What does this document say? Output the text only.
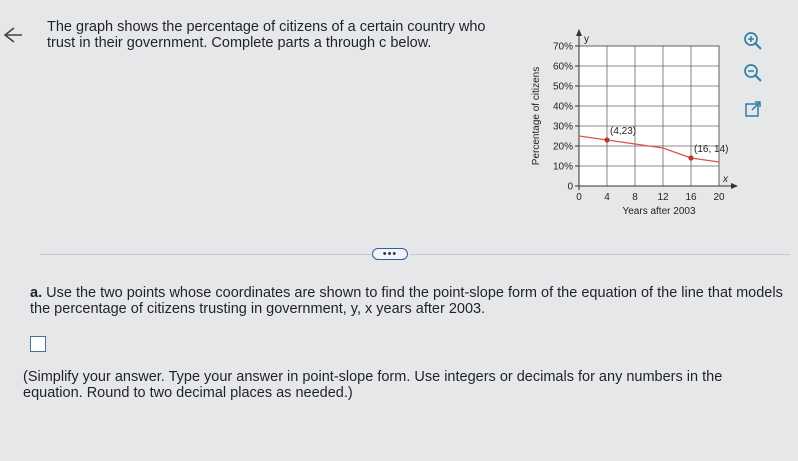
The graph shows the percentage of citizens of a certain country who trust in their government. Complete parts a through c below.	y
x
0
10%
20%
30%
40%
50%
60%
70%
0 4 8 12 16 20
Years after 2003
Percentage of citizens	(4,23)
(16, 14)
•••

a. Use the two points whose coordinates are shown to find the point-slope form of the equation of the line that models the percentage of citizens trusting in government, y, x years after 2003.

(Simplify your answer. Type your answer in point-slope form. Use integers or decimals for any numbers in the equation. Round to two decimal places as needed.)
